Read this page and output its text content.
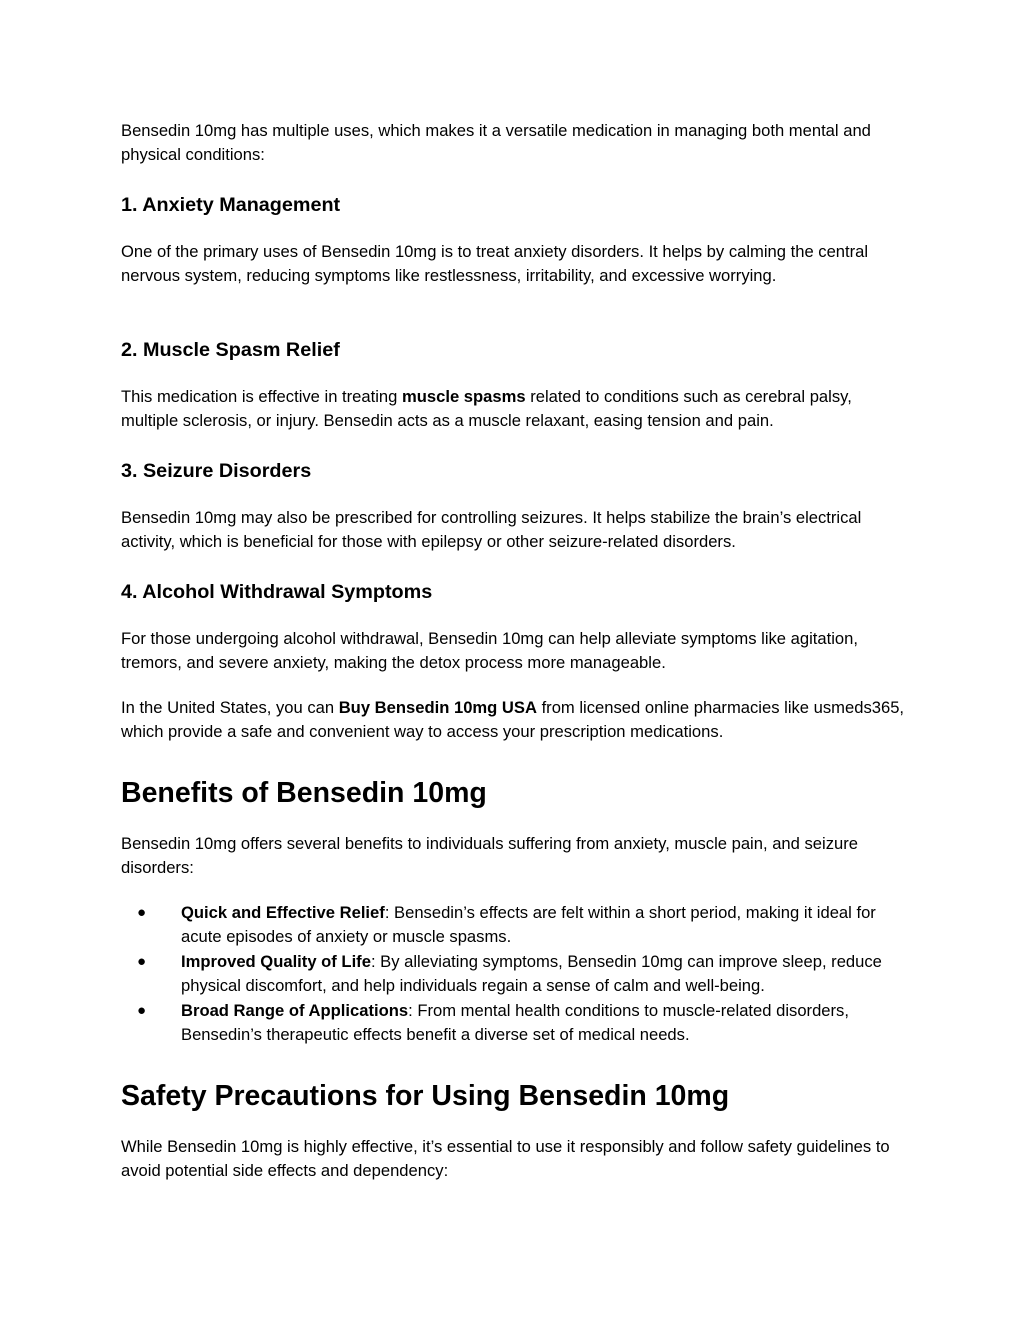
Bensedin 10mg has multiple uses, which makes it a versatile medication in managing both mental and physical conditions:

1. Anxiety Management

One of the primary uses of Bensedin 10mg is to treat anxiety disorders. It helps by calming the central nervous system, reducing symptoms like restlessness, irritability, and excessive worrying.

2. Muscle Spasm Relief

This medication is effective in treating muscle spasms related to conditions such as cerebral palsy, multiple sclerosis, or injury. Bensedin acts as a muscle relaxant, easing tension and pain.

3. Seizure Disorders

Bensedin 10mg may also be prescribed for controlling seizures. It helps stabilize the brain’s electrical activity, which is beneficial for those with epilepsy or other seizure-related disorders.

4. Alcohol Withdrawal Symptoms

For those undergoing alcohol withdrawal, Bensedin 10mg can help alleviate symptoms like agitation, tremors, and severe anxiety, making the detox process more manageable.

In the United States, you can Buy Bensedin 10mg USA from licensed online pharmacies like usmeds365, which provide a safe and convenient way to access your prescription medications.

Benefits of Bensedin 10mg

Bensedin 10mg offers several benefits to individuals suffering from anxiety, muscle pain, and seizure disorders:

● Quick and Effective Relief: Bensedin’s effects are felt within a short period, making it ideal for acute episodes of anxiety or muscle spasms.
● Improved Quality of Life: By alleviating symptoms, Bensedin 10mg can improve sleep, reduce physical discomfort, and help individuals regain a sense of calm and well-being.
● Broad Range of Applications: From mental health conditions to muscle-related disorders, Bensedin’s therapeutic effects benefit a diverse set of medical needs.
Safety Precautions for Using Bensedin 10mg

While Bensedin 10mg is highly effective, it’s essential to use it responsibly and follow safety guidelines to avoid potential side effects and dependency:
